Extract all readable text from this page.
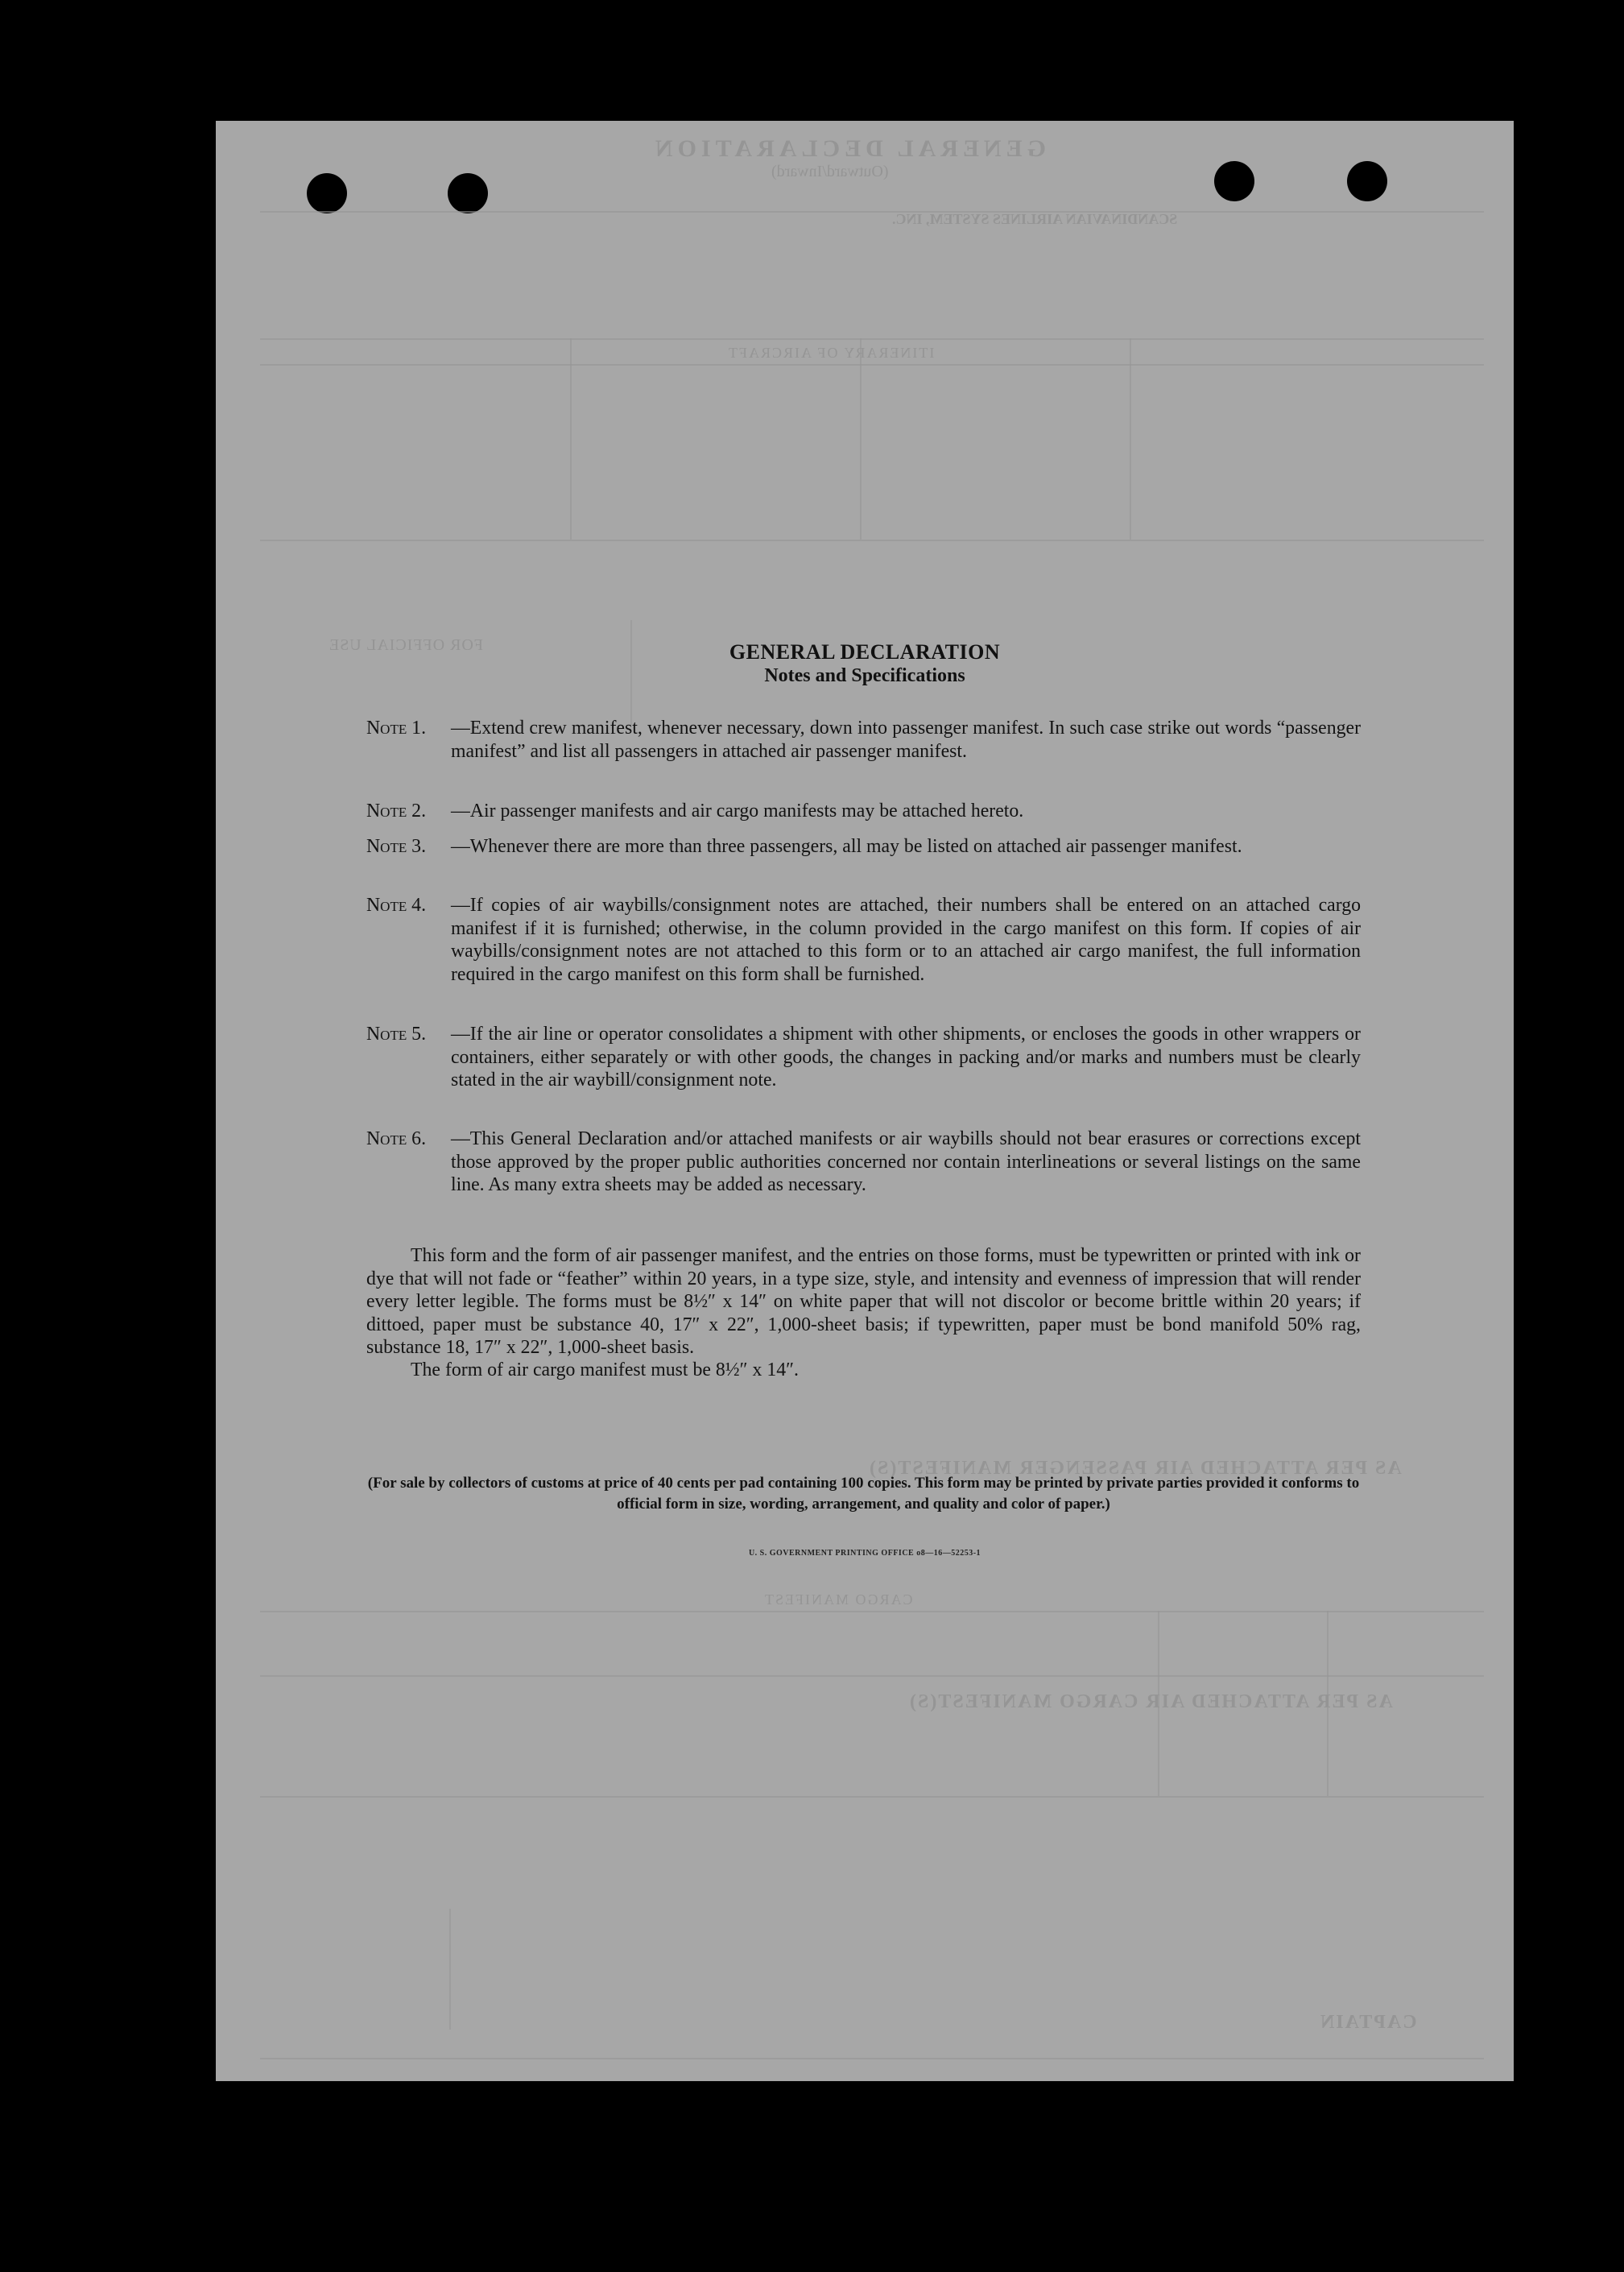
GENERAL DECLARATION
(Outward/Inward)
SCANDINAVIAN AIRLINES SYSTEM, INC.
ITINERARY OF AIRCRAFT
FOR OFFICIAL USE
AS PER ATTACHED AIR PASSENGER MANIFEST(S)
CARGO MANIFEST
AS PER ATTACHED AIR CARGO MANIFEST(S)
CAPTAIN
GENERAL DECLARATION
Notes and Specifications
Note 1.	—Extend crew manifest, whenever necessary, down into passenger manifest. In such case strike out words “passenger manifest” and list all passengers in attached air passenger manifest.
Note 2.	—Air passenger manifests and air cargo manifests may be attached hereto.
Note 3.	—Whenever there are more than three passengers, all may be listed on attached air passenger manifest.
Note 4.	—If copies of air waybills/consignment notes are attached, their numbers shall be entered on an attached cargo manifest if it is furnished; otherwise, in the column provided in the cargo manifest on this form. If copies of air waybills/consignment notes are not attached to this form or to an attached air cargo manifest, the full information required in the cargo manifest on this form shall be furnished.
Note 5.	—If the air line or operator consolidates a shipment with other shipments, or encloses the goods in other wrappers or containers, either separately or with other goods, the changes in packing and/or marks and numbers must be clearly stated in the air waybill/consignment note.
Note 6.	—This General Declaration and/or attached manifests or air waybills should not bear erasures or corrections except those approved by the proper public authorities concerned nor contain interlineations or several listings on the same line. As many extra sheets may be added as necessary.
This form and the form of air passenger manifest, and the entries on those forms, must be typewritten or printed with ink or dye that will not fade or “feather” within 20 years, in a type size, style, and intensity and evenness of impression that will render every letter legible. The forms must be 8½″ x 14″ on white paper that will not discolor or become brittle within 20 years; if dittoed, paper must be substance 40, 17″ x 22″, 1,000-sheet basis; if typewritten, paper must be bond manifold 50% rag, substance 18, 17″ x 22″, 1,000-sheet basis.
The form of air cargo manifest must be 8½″ x 14″.
(For sale by collectors of customs at price of 40 cents per pad containing 100 copies. This form may be printed by private parties provided it conforms to official form in size, wording, arrangement, and quality and color of paper.)
U. S. GOVERNMENT PRINTING OFFICE o8—16—52253-1
